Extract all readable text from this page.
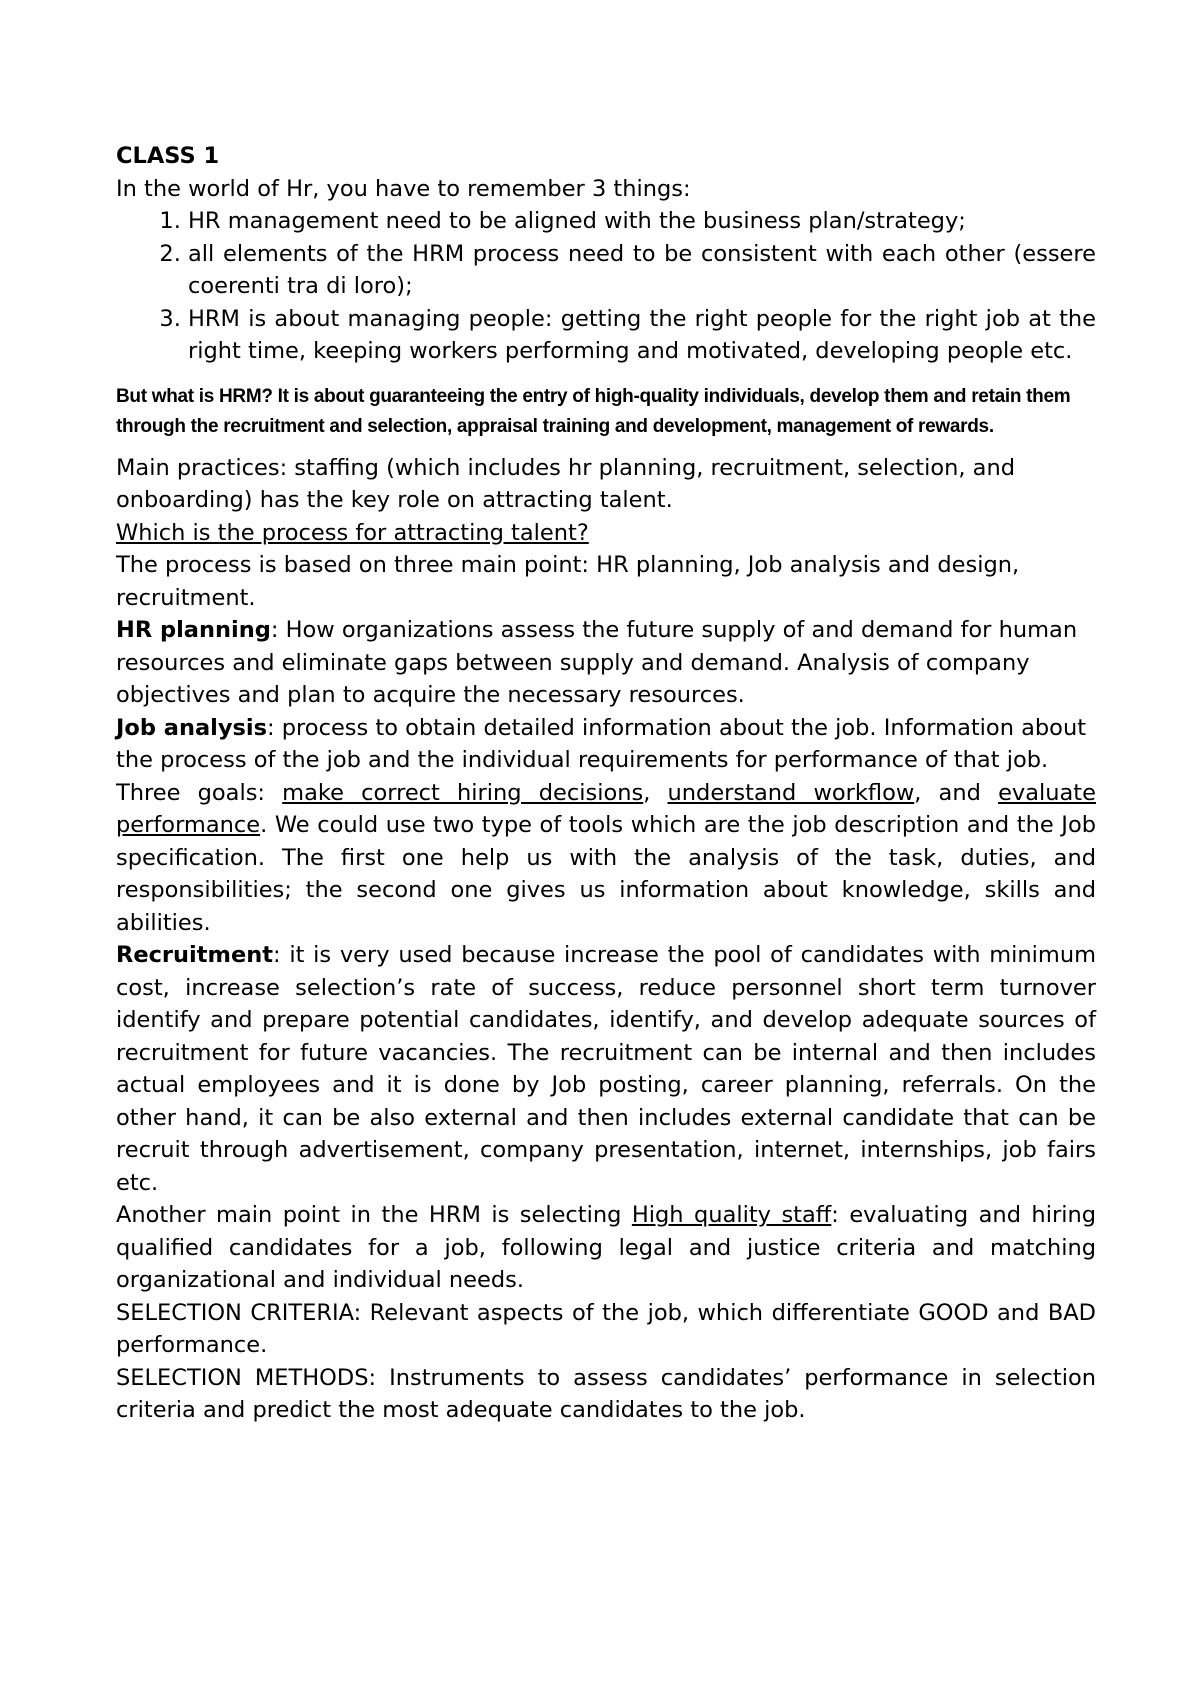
CLASS 1

In the world of Hr, you have to remember 3 things:

1. HR management need to be aligned with the business plan/strategy;
2. all elements of the HRM process need to be consistent with each other (essere coerenti tra di loro);
3. HRM is about managing people: getting the right people for the right job at the right time, keeping workers performing and motivated, developing people etc.

But what is HRM? It is about guaranteeing the entry of high-quality individuals, develop them and retain them through the recruitment and selection, appraisal training and development, management of rewards.

Main practices: staffing (which includes hr planning, recruitment, selection, and onboarding) has the key role on attracting talent.

Which is the process for attracting talent?

The process is based on three main point: HR planning, Job analysis and design, recruitment.

HR planning: How organizations assess the future supply of and demand for human resources and eliminate gaps between supply and demand. Analysis of company objectives and plan to acquire the necessary resources.

Job analysis: process to obtain detailed information about the job. Information about the process of the job and the individual requirements for performance of that job.

Three goals: make correct hiring decisions, understand workflow, and evaluate performance. We could use two type of tools which are the job description and the Job specification. The first one help us with the analysis of the task, duties, and responsibilities; the second one gives us information about knowledge, skills and abilities.

Recruitment: it is very used because increase the pool of candidates with minimum cost, increase selection’s rate of success, reduce personnel short term turnover identify and prepare potential candidates, identify, and develop adequate sources of recruitment for future vacancies. The recruitment can be internal and then includes actual employees and it is done by Job posting, career planning, referrals. On the other hand, it can be also external and then includes external candidate that can be recruit through advertisement, company presentation, internet, internships, job fairs etc.

Another main point in the HRM is selecting High quality staff: evaluating and hiring qualified candidates for a job, following legal and justice criteria and matching organizational and individual needs.

SELECTION CRITERIA: Relevant aspects of the job, which differentiate GOOD and BAD performance.

SELECTION METHODS: Instruments to assess candidates’ performance in selection criteria and predict the most adequate candidates to the job.
